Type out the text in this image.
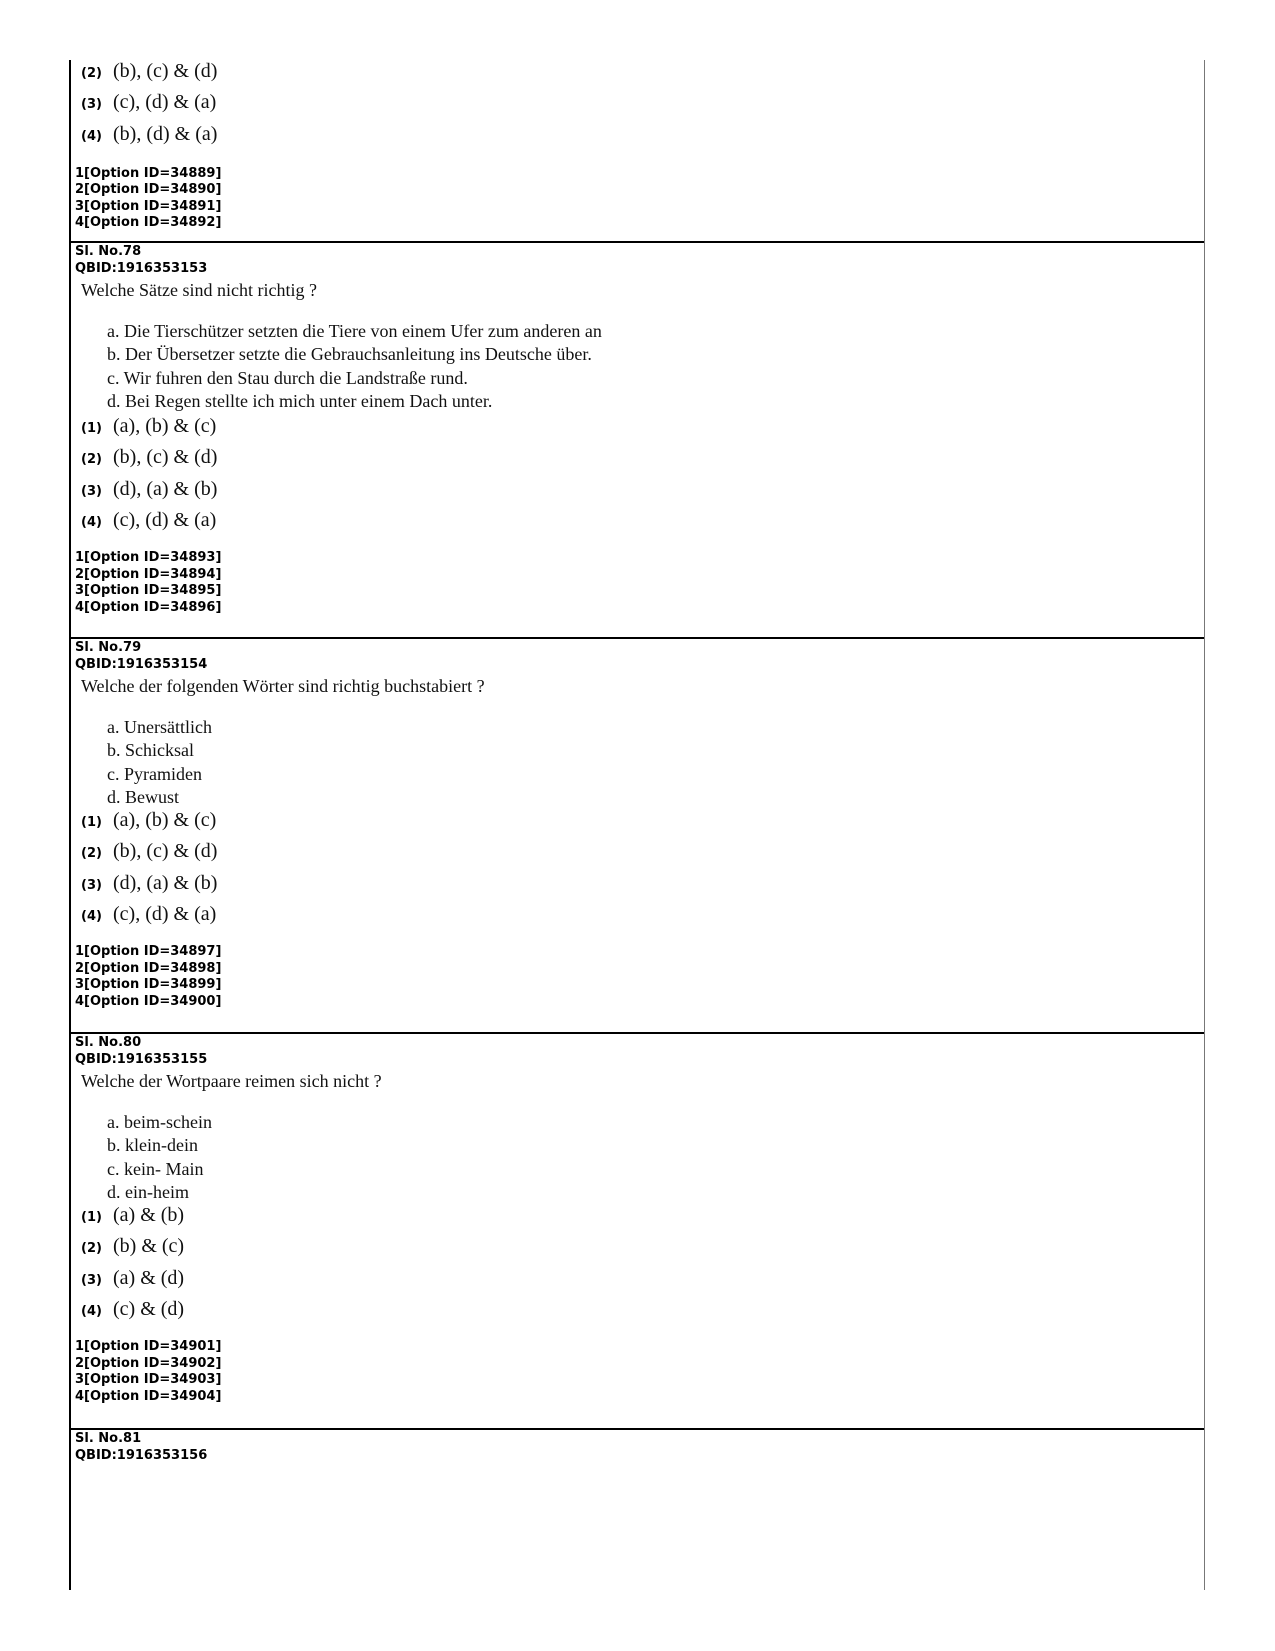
(2) (b), (c) & (d)
(3) (c), (d) & (a)
(4) (b), (d) & (a)
1[Option ID=34889]
2[Option ID=34890]
3[Option ID=34891]
4[Option ID=34892]
Sl. No.78
QBID:1916353153
Welche Sätze sind nicht richtig ?
a. Die Tierschützer setzten die Tiere von einem Ufer zum anderen an
b. Der Übersetzer setzte die Gebrauchsanleitung ins Deutsche über.
c. Wir fuhren den Stau durch die Landstraße rund.
d. Bei Regen stellte ich mich unter einem Dach unter.
(1) (a), (b) & (c)
(2) (b), (c) & (d)
(3) (d), (a) & (b)
(4) (c), (d) & (a)
1[Option ID=34893]
2[Option ID=34894]
3[Option ID=34895]
4[Option ID=34896]
Sl. No.79
QBID:1916353154
Welche der folgenden Wörter sind richtig buchstabiert ?
a. Unersättlich
b. Schicksal
c. Pyramiden
d. Bewust
(1) (a), (b) & (c)
(2) (b), (c) & (d)
(3) (d), (a) & (b)
(4) (c), (d) & (a)
1[Option ID=34897]
2[Option ID=34898]
3[Option ID=34899]
4[Option ID=34900]
Sl. No.80
QBID:1916353155
Welche der Wortpaare reimen sich nicht ?
a. beim-schein
b. klein-dein
c. kein- Main
d. ein-heim
(1) (a) & (b)
(2) (b) & (c)
(3) (a) & (d)
(4) (c) & (d)
1[Option ID=34901]
2[Option ID=34902]
3[Option ID=34903]
4[Option ID=34904]
Sl. No.81
QBID:1916353156
